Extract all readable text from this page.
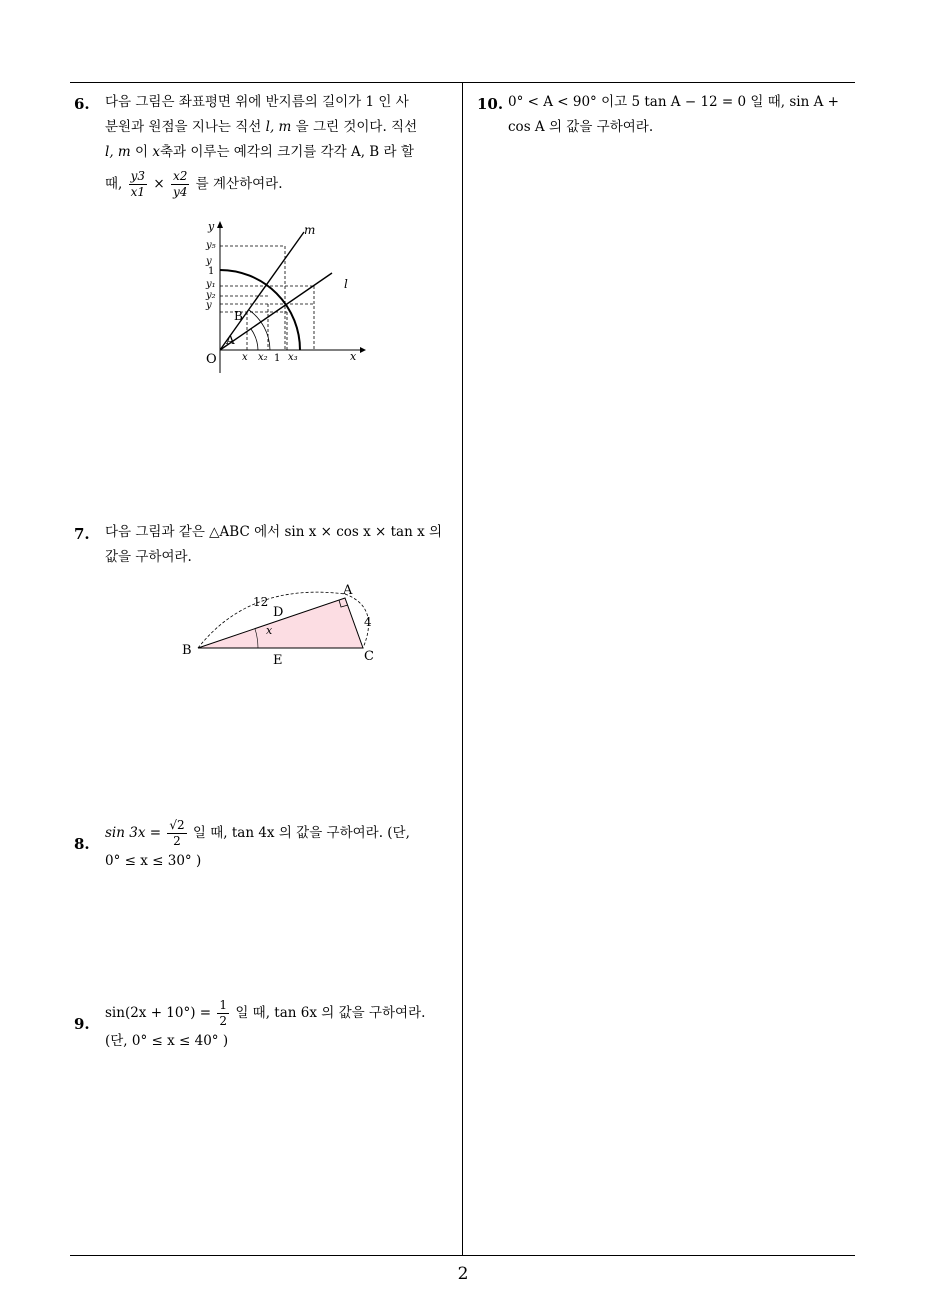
6. 다음 그림은 좌표평면 위에 반지름의 길이가 1 인 사
분원과 원점을 지나는 직선 l, m 을 그린 것이다. 직선
l, m 이 x축과 이루는 예각의 크기를 각각 A, B 라 할
때, $\frac{y3}{x1} \times \frac{x2}{y4}$ 를 계산하여라.
y
x
O
m
l
y₅
y
1
y₁
y₂
y
x x₂ 1 x₃
A
B
7. 다음 그림과 같은 △ABC 에서 sin x × cos x × tan x 의
값을 구하여라.
A
B	C
D
E
12
4
x
8.
$\sin 3x = \frac{√2}{2}$ 일 때, tan 4x 의 값을 구하여라. (단,
0° ≤ x ≤ 30° )
9.
$\sin(2x + 10^\circ) = \frac{1}{2}$ 일 때, tan 6x 의 값을 구하여라.
(단, 0° ≤ x ≤ 40° )
10. 0° < A < 90° 이고 5 tan A − 12 = 0 일 때, sin A +
cos A 의 값을 구하여라.
2
